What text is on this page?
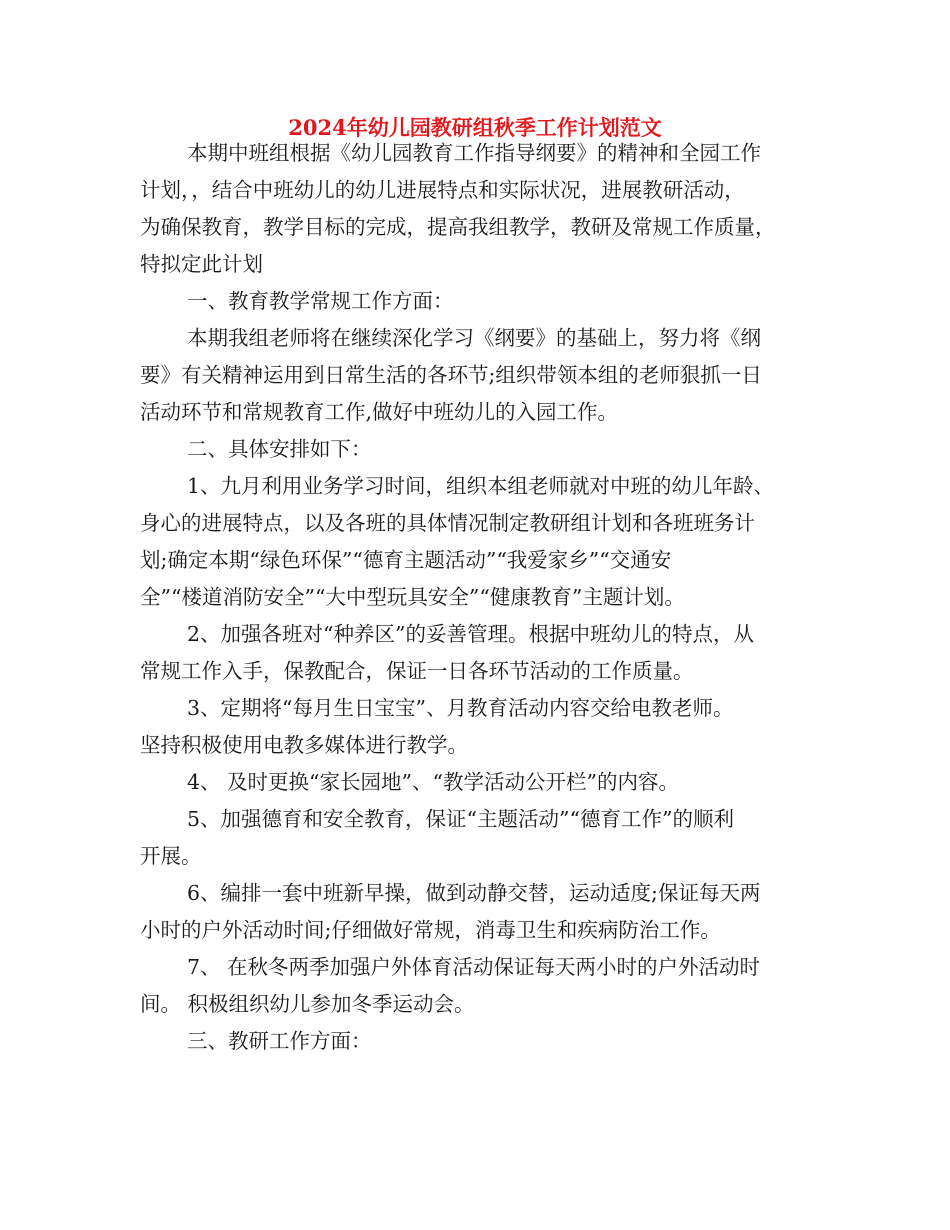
2024年幼儿园教研组秋季工作计划范文
本期中班组根据《幼儿园教育工作指导纲要》的精神和全园工作
计划，，结合中班幼儿的幼儿进展特点和实际状况，进展教研活动，
为确保教育，教学目标的完成，提高我组教学，教研及常规工作质量，
特拟定此计划
一、教育教学常规工作方面：
本期我组老师将在继续深化学习《纲要》的基础上，努力将《纲
要》有关精神运用到日常生活的各环节;组织带领本组的老师狠抓一日
活动环节和常规教育工作,做好中班幼儿的入园工作。
二、具体安排如下：
1、九月利用业务学习时间，组织本组老师就对中班的幼儿年龄、
身心的进展特点，以及各班的具体情况制定教研组计划和各班班务计
划;确定本期“绿色环保”“德育主题活动”“我爱家乡”“交通安
全”“楼道消防安全”“大中型玩具安全”“健康教育”主题计划。
2、加强各班对“种养区”的妥善管理。根据中班幼儿的特点，从
常规工作入手，保教配合，保证一日各环节活动的工作质量。
3、定期将“每月生日宝宝”、月教育活动内容交给电教老师。
坚持积极使用电教多媒体进行教学。
4、 及时更换“家长园地”、“教学活动公开栏”的内容。
5、加强德育和安全教育，保证“主题活动”“德育工作”的顺利
开展。
6、编排一套中班新早操，做到动静交替，运动适度;保证每天两
小时的户外活动时间;仔细做好常规，消毒卫生和疾病防治工作。
7、 在秋冬两季加强户外体育活动保证每天两小时的户外活动时
间。 积极组织幼儿参加冬季运动会。
三、教研工作方面：
